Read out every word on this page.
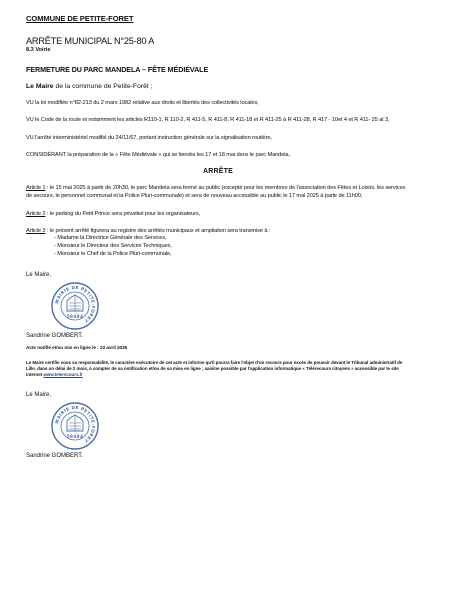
COMMUNE DE PETITE-FORET
ARRÊTE MUNICIPAL N°25-80 A
8.3 Voirie
FERMETURE DU PARC MANDELA – FÊTE MÉDIÉVALE
Le Maire de la commune de Petite-Forêt ;
VU la loi modifiée n°82-213 du 2 mars 1982 relative aux droits et libertés des collectivités locales,
VU le Code de la route et notamment les articles R110-1, R 110-2, R 411-5, R 411-8, R 411-18 et R 411-25 à R 411-28, R 417 - 10et 4 et R 411- 25 al 3,
VU l'arrêté interministériel modifié du 24/11/67, portant instruction générale sur la signalisation routière,
CONSIDÉRANT la préparation de la « Fête Médiévale » qui se tiendra les 17 et 18 mai dans le parc Mandela,
ARRÊTE
Article 1 : le 15 mai 2025 à partir de 20h30, le parc Mandela sera fermé au public (excepté pour les membres de l'association des Fêtes et Loisirs, les services de secours, le personnel communal et la Police Pluri-communale) et sera de nouveau accessible au public le 17 mai 2025 à partir de 11h00,
Article 2 : le parking du Petit Prince sera privatisé pour les organisateurs,
Article 3 : le présent arrêté figurera au registre des arrêtés municipaux et ampliation sera transmise à :
- Madame la Directrice Générale des Services,
- Monsieur le Directeur des Services Techniques,
- Monsieur le Chef de la Police Pluri-communale,
Le Maire,
MAIRIE DE PETITE-FORET
59494
Sandrine GOMBERT.
Acte notifié et/ou mis en ligne le : 23 avril 2025
Le Maire certifie sous sa responsabilité, le caractère exécutoire de cet acte et informe qu'il pourra faire l'objet d'un recours pour excès de pouvoir devant le Tribunal administratif de Lille, dans un délai de 2 mois, à compter de sa notification et/ou de sa mise en ligne ; saisine possible par l'application informatique « Télérecours citoyens » accessible par le site internet www.telerecours.fr
Le Maire,
MAIRIE DE PETITE-FORET
59494
Sandrine GOMBERT.
